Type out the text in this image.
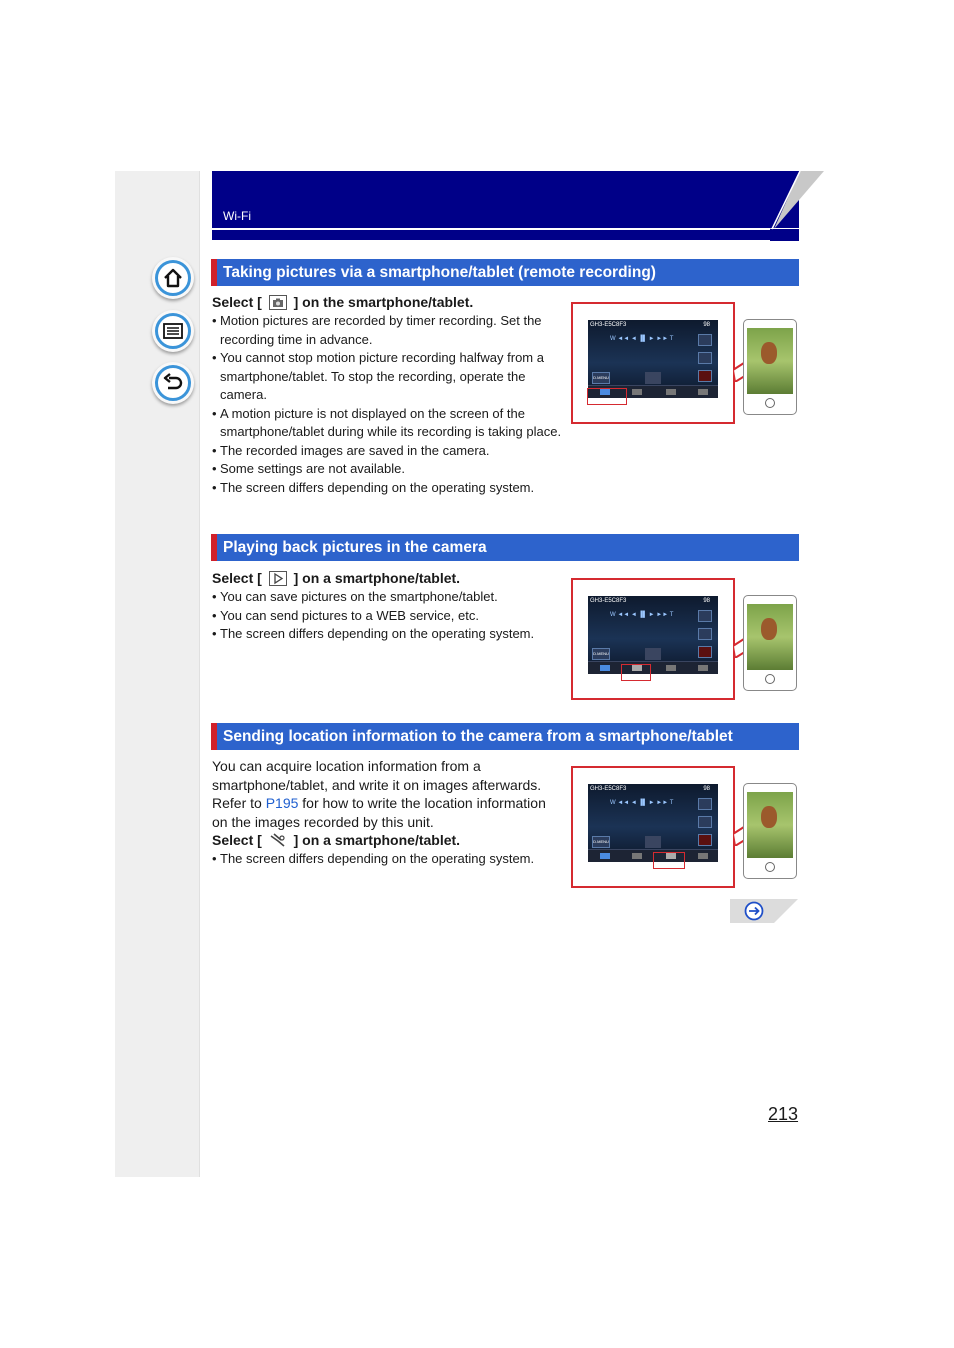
Wi-Fi
Taking pictures via a smartphone/tablet (remote recording)
Select [ ] on the smartphone/tablet.
• Motion pictures are recorded by timer recording. Set the recording time in advance.
• You cannot stop motion picture recording halfway from a smartphone/tablet. To stop the recording, operate the camera.
• A motion picture is not displayed on the screen of the smartphone/tablet during while its recording is taking place.
• The recorded images are saved in the camera.
• Some settings are not available.
• The screen differs depending on the operating system.
GH3-E5C8F3	98
W ◄◄ ◄ ▐▌ ► ►► T
D.MENU
Playing back pictures in the camera
Select [ ] on a smartphone/tablet.
• You can save pictures on the smartphone/tablet.
• You can send pictures to a WEB service, etc.
• The screen differs depending on the operating system.
GH3-E5C8F3	98
W ◄◄ ◄ ▐▌ ► ►► T
D.MENU
Sending location information to the camera from a smartphone/tablet
You can acquire location information from a smartphone/tablet, and write it on images afterwards. Refer to P195 for how to write the location information on the images recorded by this unit.
Select [ ] on a smartphone/tablet.
• The screen differs depending on the operating system.
GH3-E5C8F3	98
W ◄◄ ◄ ▐▌ ► ►► T
D.MENU
213
